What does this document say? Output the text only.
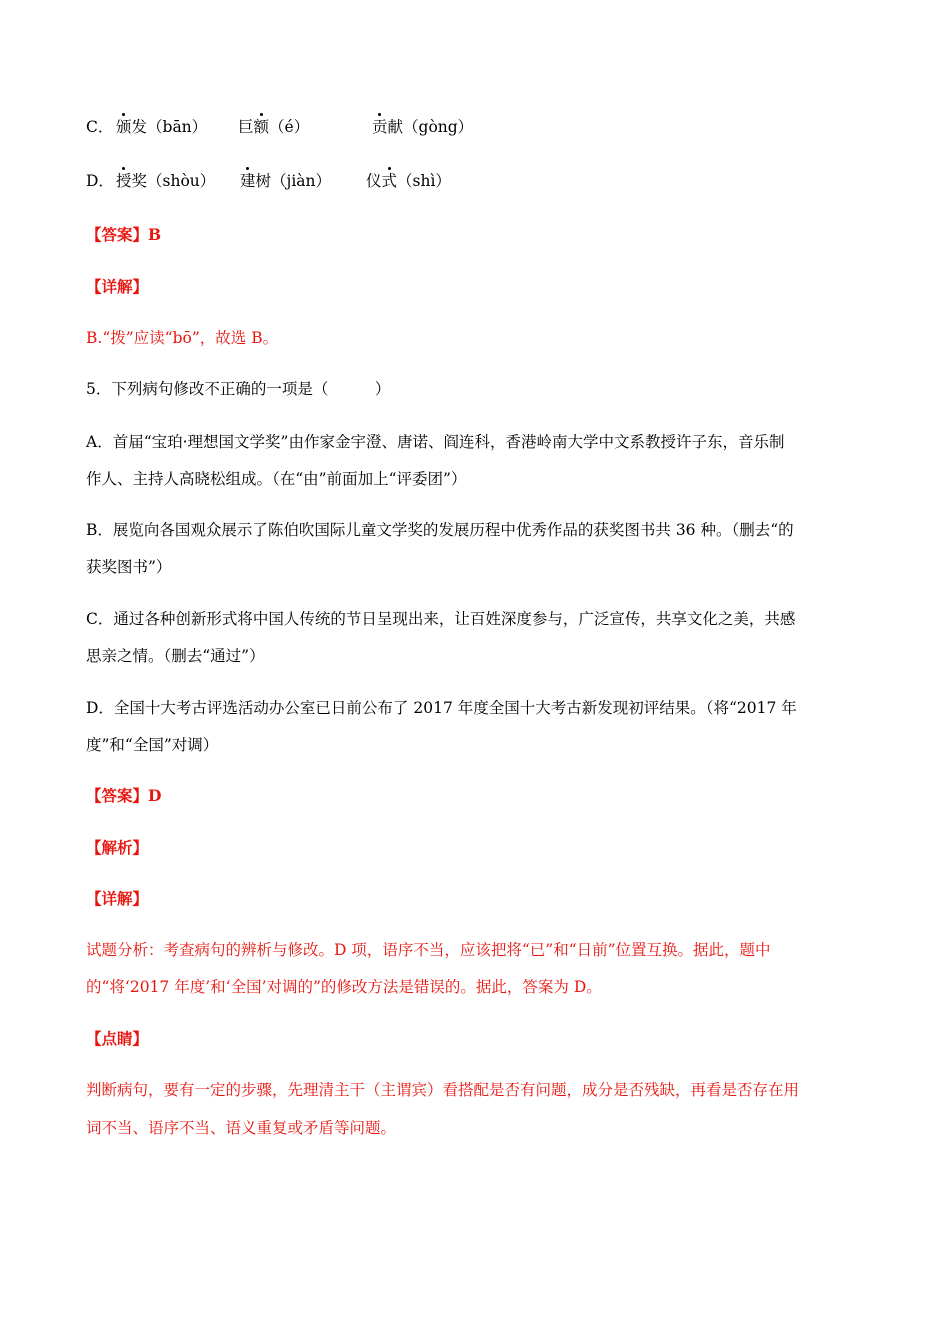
C． 颁发（bān） 巨额（é）	贡献（gòng）
D． 授奖（shòu） 建树（jiàn） 仪式（shì）
【答案】B
【详解】
B.“拨”应读“bō”，故选 B。
5．下列病句修改不正确的一项是（　　　）
A．首届“宝珀·理想国文学奖”由作家金宇澄、唐诺、阎连科，香港岭南大学中文系教授许子东，音乐制
作人、主持人高晓松组成。（在“由”前面加上“评委团”）
B．展览向各国观众展示了陈伯吹国际儿童文学奖的发展历程中优秀作品的获奖图书共 36 种。（删去“的
获奖图书”）
C．通过各种创新形式将中国人传统的节日呈现出来，让百姓深度参与，广泛宣传，共享文化之美，共感
思亲之情。（删去“通过”）
D．全国十大考古评选活动办公室已日前公布了 2017 年度全国十大考古新发现初评结果。（将“2017 年
度”和“全国”对调）
【答案】D
【解析】
【详解】
试题分析：考查病句的辨析与修改。D 项，语序不当，应该把将“已”和“日前”位置互换。据此，题中
的“将‘2017 年度’和‘全国’对调的”的修改方法是错误的。据此，答案为 D。
【点睛】
判断病句，要有一定的步骤，先理清主干（主谓宾）看搭配是否有问题，成分是否残缺，再看是否存在用
词不当、语序不当、语义重复或矛盾等问题。
